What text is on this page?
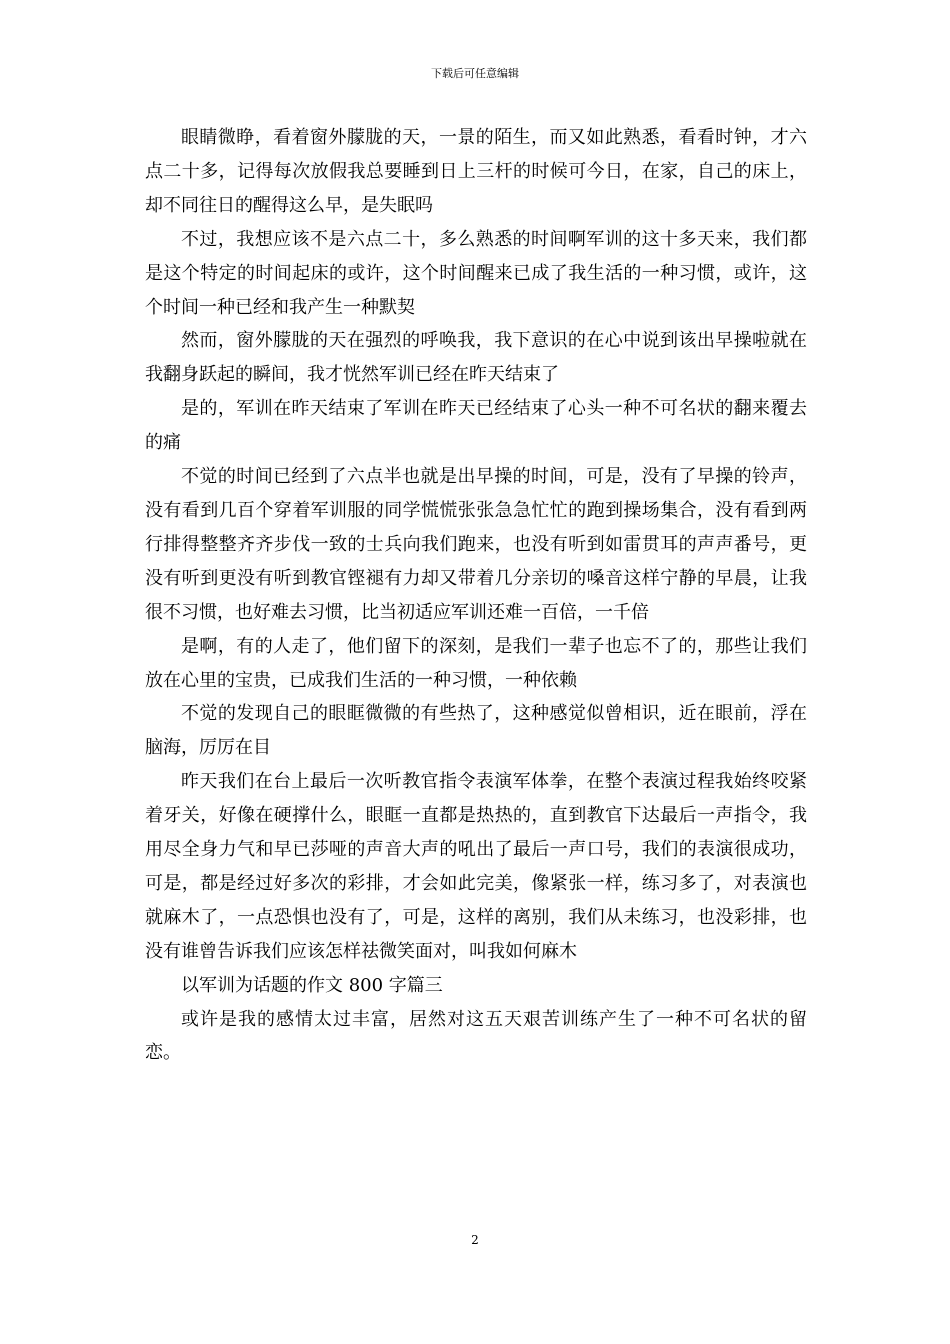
下载后可任意编辑

眼睛微睁，看着窗外朦胧的天，一景的陌生，而又如此熟悉，看看时钟，才六点二十多，记得每次放假我总要睡到日上三杆的时候可今日，在家，自己的床上，却不同往日的醒得这么早，是失眠吗

不过，我想应该不是六点二十，多么熟悉的时间啊军训的这十多天来，我们都是这个特定的时间起床的或许，这个时间醒来已成了我生活的一种习惯，或许，这个时间一种已经和我产生一种默契

然而，窗外朦胧的天在强烈的呼唤我，我下意识的在心中说到该出早操啦就在我翻身跃起的瞬间，我才恍然军训已经在昨天结束了

是的，军训在昨天结束了军训在昨天已经结束了心头一种不可名状的翻来覆去的痛

不觉的时间已经到了六点半也就是出早操的时间，可是，没有了早操的铃声，没有看到几百个穿着军训服的同学慌慌张张急急忙忙的跑到操场集合，没有看到两行排得整整齐齐步伐一致的士兵向我们跑来，也没有听到如雷贯耳的声声番号，更没有听到更没有听到教官铿褪有力却又带着几分亲切的嗓音这样宁静的早晨，让我很不习惯，也好难去习惯，比当初适应军训还难一百倍，一千倍

是啊，有的人走了，他们留下的深刻，是我们一辈子也忘不了的，那些让我们放在心里的宝贵，已成我们生活的一种习惯，一种依赖

不觉的发现自己的眼眶微微的有些热了，这种感觉似曾相识，近在眼前，浮在脑海，厉厉在目

昨天我们在台上最后一次听教官指令表演军体拳，在整个表演过程我始终咬紧着牙关，好像在硬撑什么，眼眶一直都是热热的，直到教官下达最后一声指令，我用尽全身力气和早已莎哑的声音大声的吼出了最后一声口号，我们的表演很成功，可是，都是经过好多次的彩排，才会如此完美，像紧张一样，练习多了，对表演也就麻木了，一点恐惧也没有了，可是，这样的离别，我们从未练习，也没彩排，也没有谁曾告诉我们应该怎样祛微笑面对，叫我如何麻木

以军训为话题的作文 800 字篇三

或许是我的感情太过丰富，居然对这五天艰苦训练产生了一种不可名状的留恋。

2
